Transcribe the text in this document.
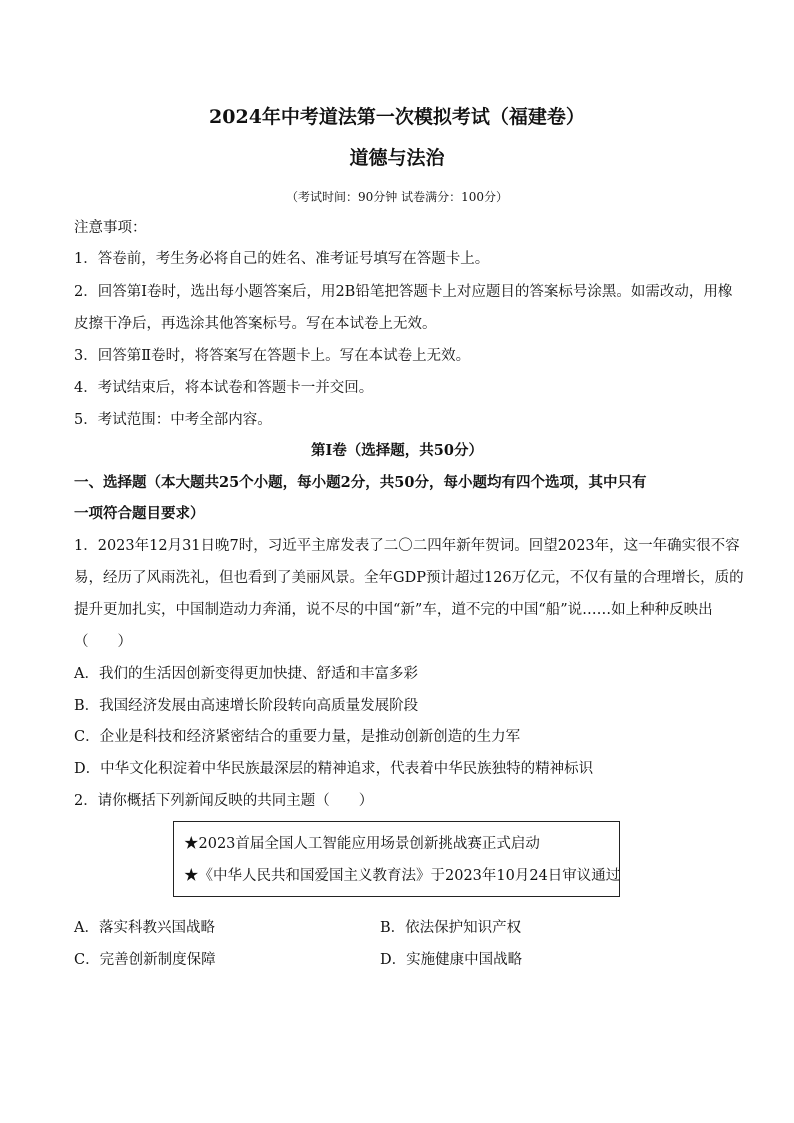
2024年中考道法第一次模拟考试（福建卷）
道德与法治
（考试时间：90分钟 试卷满分：100分）
注意事项：
1．答卷前，考生务必将自己的姓名、准考证号填写在答题卡上。
2．回答第Ⅰ卷时，选出每小题答案后，用2B铅笔把答题卡上对应题目的答案标号涂黑。如需改动，用橡
皮擦干净后，再选涂其他答案标号。写在本试卷上无效。
3．回答第Ⅱ卷时，将答案写在答题卡上。写在本试卷上无效。
4．考试结束后，将本试卷和答题卡一并交回。
5．考试范围：中考全部内容。
第Ⅰ卷（选择题，共50分）
一、选择题（本大题共25个小题，每小题2分，共50分，每小题均有四个选项，其中只有
一项符合题目要求）
1．2023年12月31日晚7时，习近平主席发表了二〇二四年新年贺词。回望2023年，这一年确实很不容
易，经历了风雨洗礼，但也看到了美丽风景。全年GDP预计超过126万亿元，不仅有量的合理增长，质的
提升更加扎实，中国制造动力奔涌，说不尽的中国“新”车，道不完的中国“船”说……如上种种反映出
（　　）
A．我们的生活因创新变得更加快捷、舒适和丰富多彩
B．我国经济发展由高速增长阶段转向高质量发展阶段
C．企业是科技和经济紧密结合的重要力量，是推动创新创造的生力军
D．中华文化积淀着中华民族最深层的精神追求，代表着中华民族独特的精神标识
2．请你概括下列新闻反映的共同主题（　　）
★2023首届全国人工智能应用场景创新挑战赛正式启动
★《中华人民共和国爱国主义教育法》于2023年10月24日审议通过
A．落实科教兴国战略	B．依法保护知识产权
C．完善创新制度保障	D．实施健康中国战略
